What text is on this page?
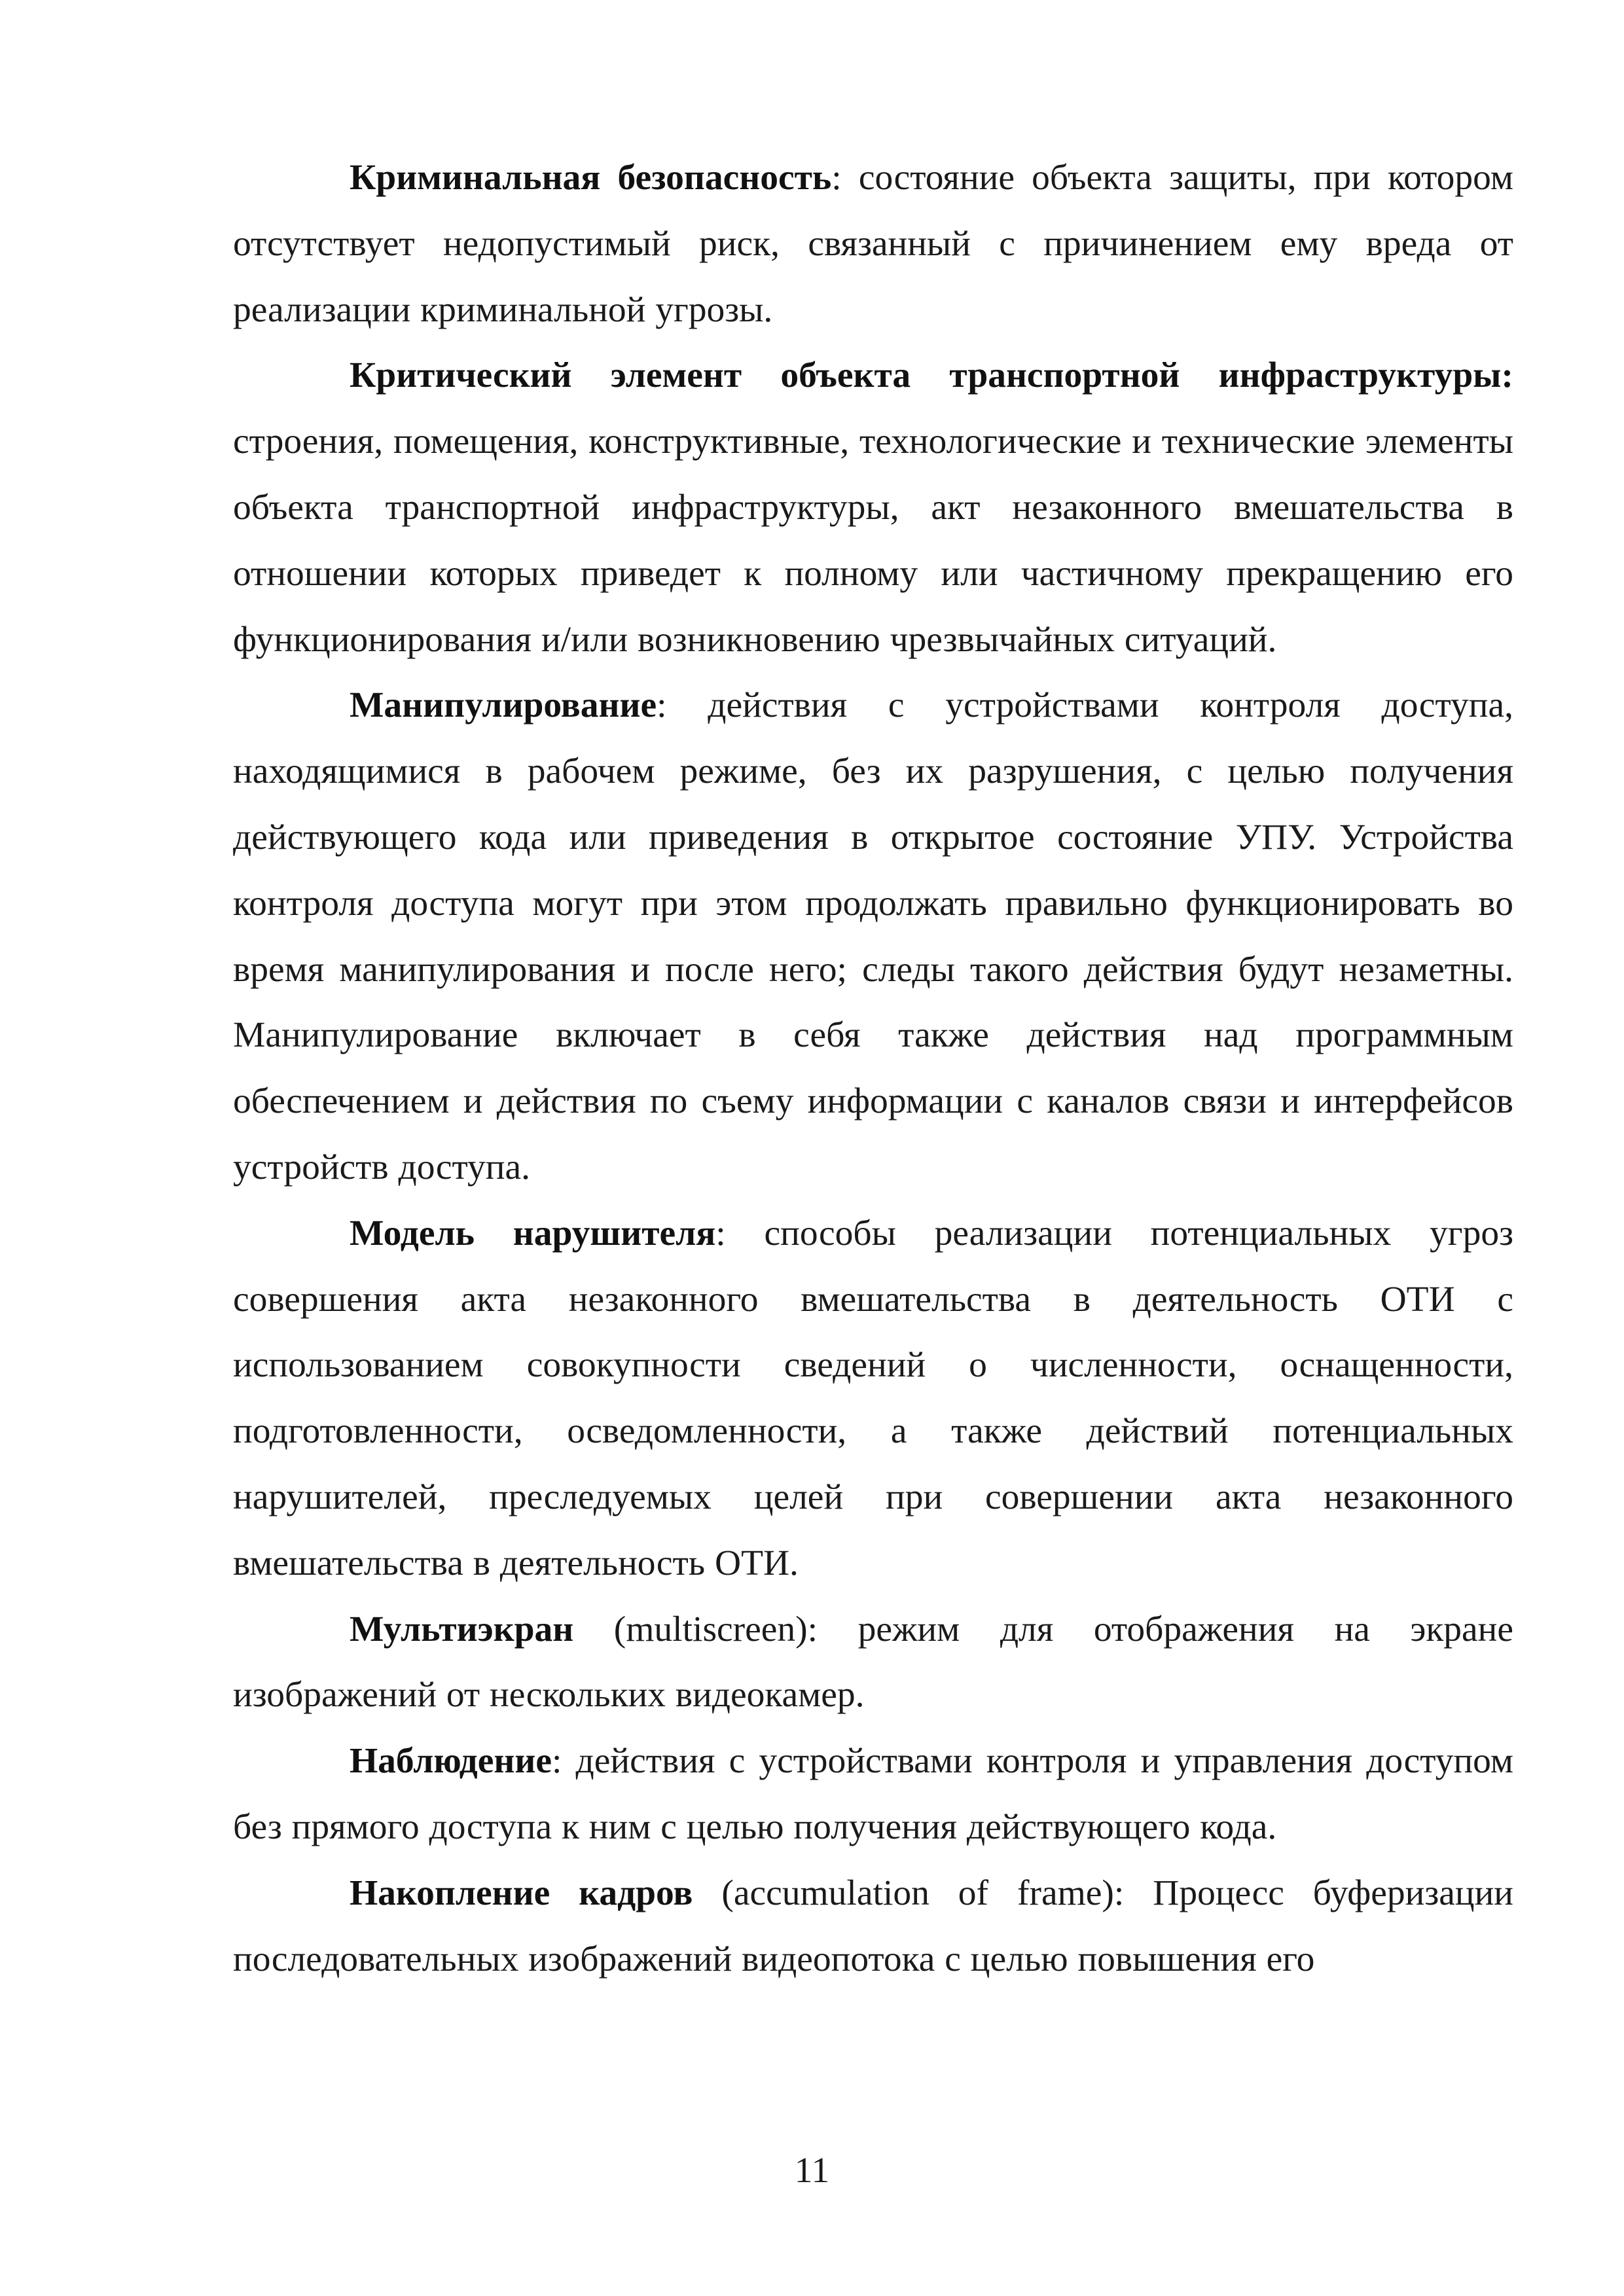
Криминальная безопасность: состояние объекта защиты, при котором отсутствует недопустимый риск, связанный с причинением ему вреда от реализации криминальной угрозы.

Критический элемент объекта транспортной инфраструктуры: строения, помещения, конструктивные, технологические и технические элементы объекта транспортной инфраструктуры, акт незаконного вмешательства в отношении которых приведет к полному или частичному прекращению его функционирования и/или возникновению чрезвычайных ситуаций.

Манипулирование: действия с устройствами контроля доступа, находящимися в рабочем режиме, без их разрушения, с целью получения действующего кода или приведения в открытое состояние УПУ. Устройства контроля доступа могут при этом продолжать правильно функционировать во время манипулирования и после него; следы такого действия будут незаметны. Манипулирование включает в себя также действия над программным обеспечением и действия по съему информации с каналов связи и интерфейсов устройств доступа.

Модель нарушителя: способы реализации потенциальных угроз совершения акта незаконного вмешательства в деятельность ОТИ с использованием совокупности сведений о численности, оснащенности, подготовленности, осведомленности, а также действий потенциальных нарушителей, преследуемых целей при совершении акта незаконного вмешательства в деятельность ОТИ.

Мультиэкран (multiscreen): режим для отображения на экране изображений от нескольких видеокамер.

Наблюдение: действия с устройствами контроля и управления доступом без прямого доступа к ним с целью получения действующего кода.

Накопление кадров (accumulation of frame): Процесс буферизации последовательных изображений видеопотока с целью повышения его

11
